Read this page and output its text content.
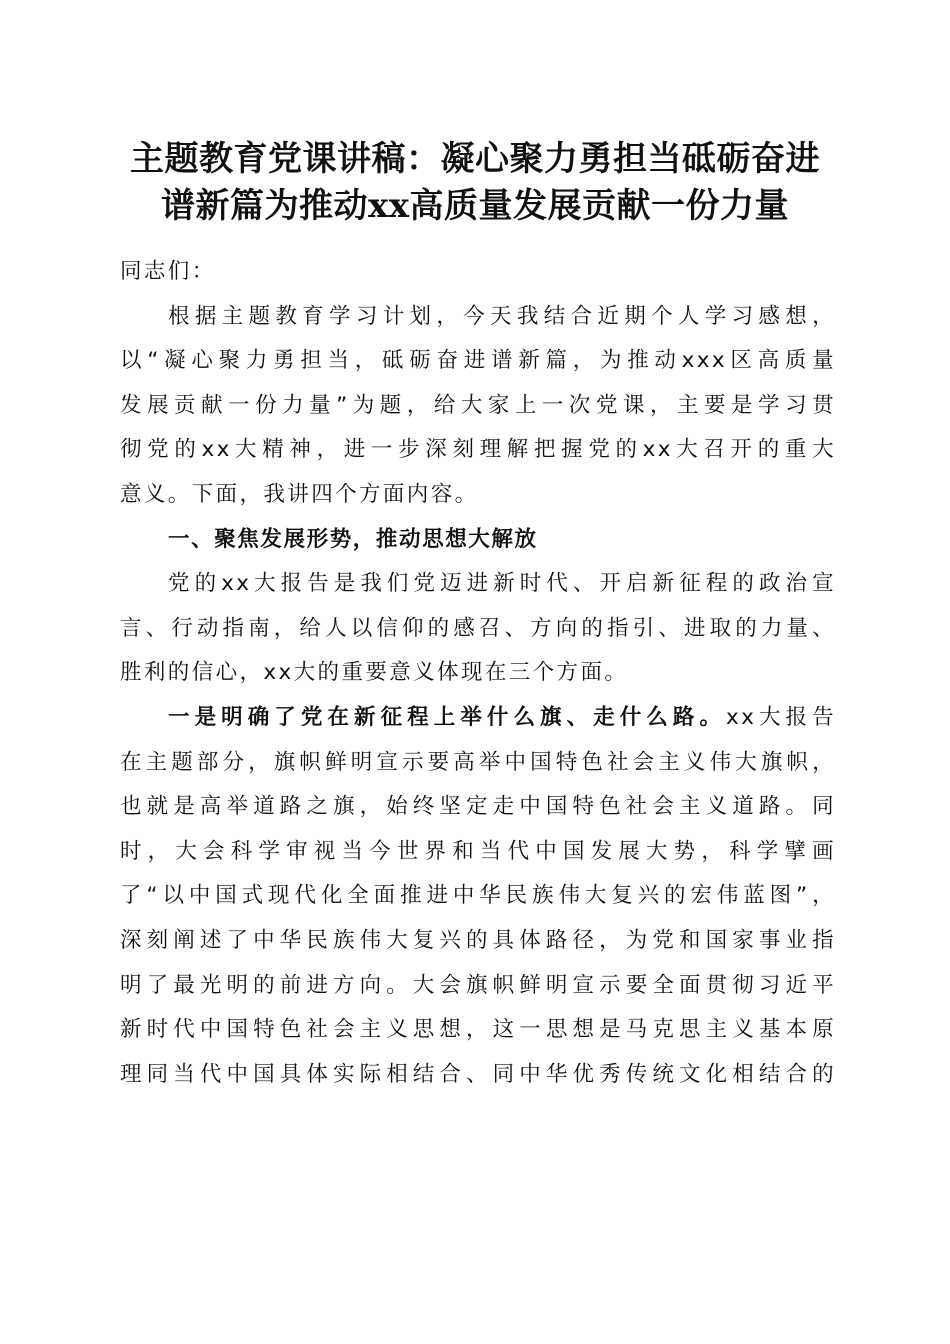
主题教育党课讲稿：凝心聚力勇担当砥砺奋进
谱新篇为推动xx高质量发展贡献一份力量

同志们：

根据主题教育学习计划，今天我结合近期个人学习感想，
以“凝心聚力勇担当，砥砺奋进谱新篇，为推动xxx区高质量
发展贡献一份力量”为题，给大家上一次党课，主要是学习贯
彻党的xx大精神，进一步深刻理解把握党的xx大召开的重大
意义。下面，我讲四个方面内容。

一、聚焦发展形势，推动思想大解放

党的xx大报告是我们党迈进新时代、开启新征程的政治宣
言、行动指南，给人以信仰的感召、方向的指引、进取的力量、
胜利的信心，xx大的重要意义体现在三个方面。

一是明确了党在新征程上举什么旗、走什么路。xx大报告
在主题部分，旗帜鲜明宣示要高举中国特色社会主义伟大旗帜，
也就是高举道路之旗，始终坚定走中国特色社会主义道路。同
时，大会科学审视当今世界和当代中国发展大势，科学擘画
了“以中国式现代化全面推进中华民族伟大复兴的宏伟蓝图”，
深刻阐述了中华民族伟大复兴的具体路径，为党和国家事业指
明了最光明的前进方向。大会旗帜鲜明宣示要全面贯彻习近平
新时代中国特色社会主义思想，这一思想是马克思主义基本原
理同当代中国具体实际相结合、同中华优秀传统文化相结合的
